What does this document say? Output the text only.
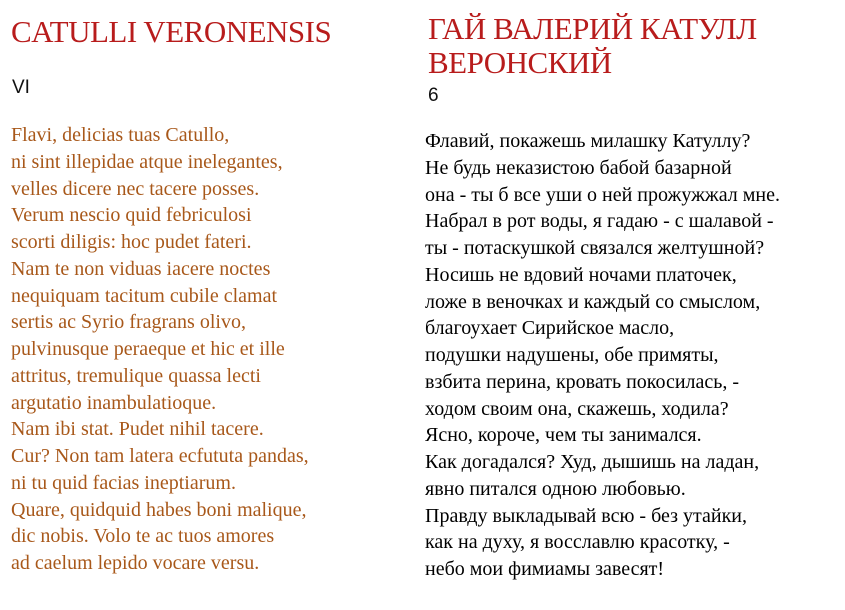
CATULLI VERONENSIS

VI

Flavi, delicias tuas Catullo,
ni sint illepidae atque inelegantes,
velles dicere nec tacere posses.
Verum nescio quid febriculosi
scorti diligis: hoc pudet fateri.
Nam te non viduas iacere noctes
nequiquam tacitum cubile clamat
sertis ac Syrio fragrans olivo,
pulvinusque peraeque et hic et ille
attritus, tremulique quassa lecti
argutatio inambulatioque.
Nam ibi stat. Pudet nihil tacere.
Cur? Non tam latera ecfututa pandas,
ni tu quid facias ineptiarum.
Quare, quidquid habes boni malique,
dic nobis. Volo te ac tuos amores
ad caelum lepido vocare versu.
ГАЙ ВАЛЕРИЙ КАТУЛЛ ВЕРОНСКИЙ

6

Флавий, покажешь милашку Катуллу?
Не будь неказистою бабой базарной
она - ты б все уши о ней прожужжал мне.
Набрал в рот воды, я гадаю - с шалавой -
ты - потаскушкой связался желтушной?
Носишь не вдовий ночами платочек,
ложе в веночках и каждый со смыслом,
благоухает Сирийское масло,
подушки надушены, обе примяты,
взбита перина, кровать покосилась, -
ходом своим она, скажешь, ходила?
Ясно, короче, чем ты занимался.
Как догадался? Худ, дышишь на ладан,
явно питался одною любовью.
Правду выкладывай всю - без утайки,
как на духу, я восславлю красотку, -
небо мои фимиамы завесят!
